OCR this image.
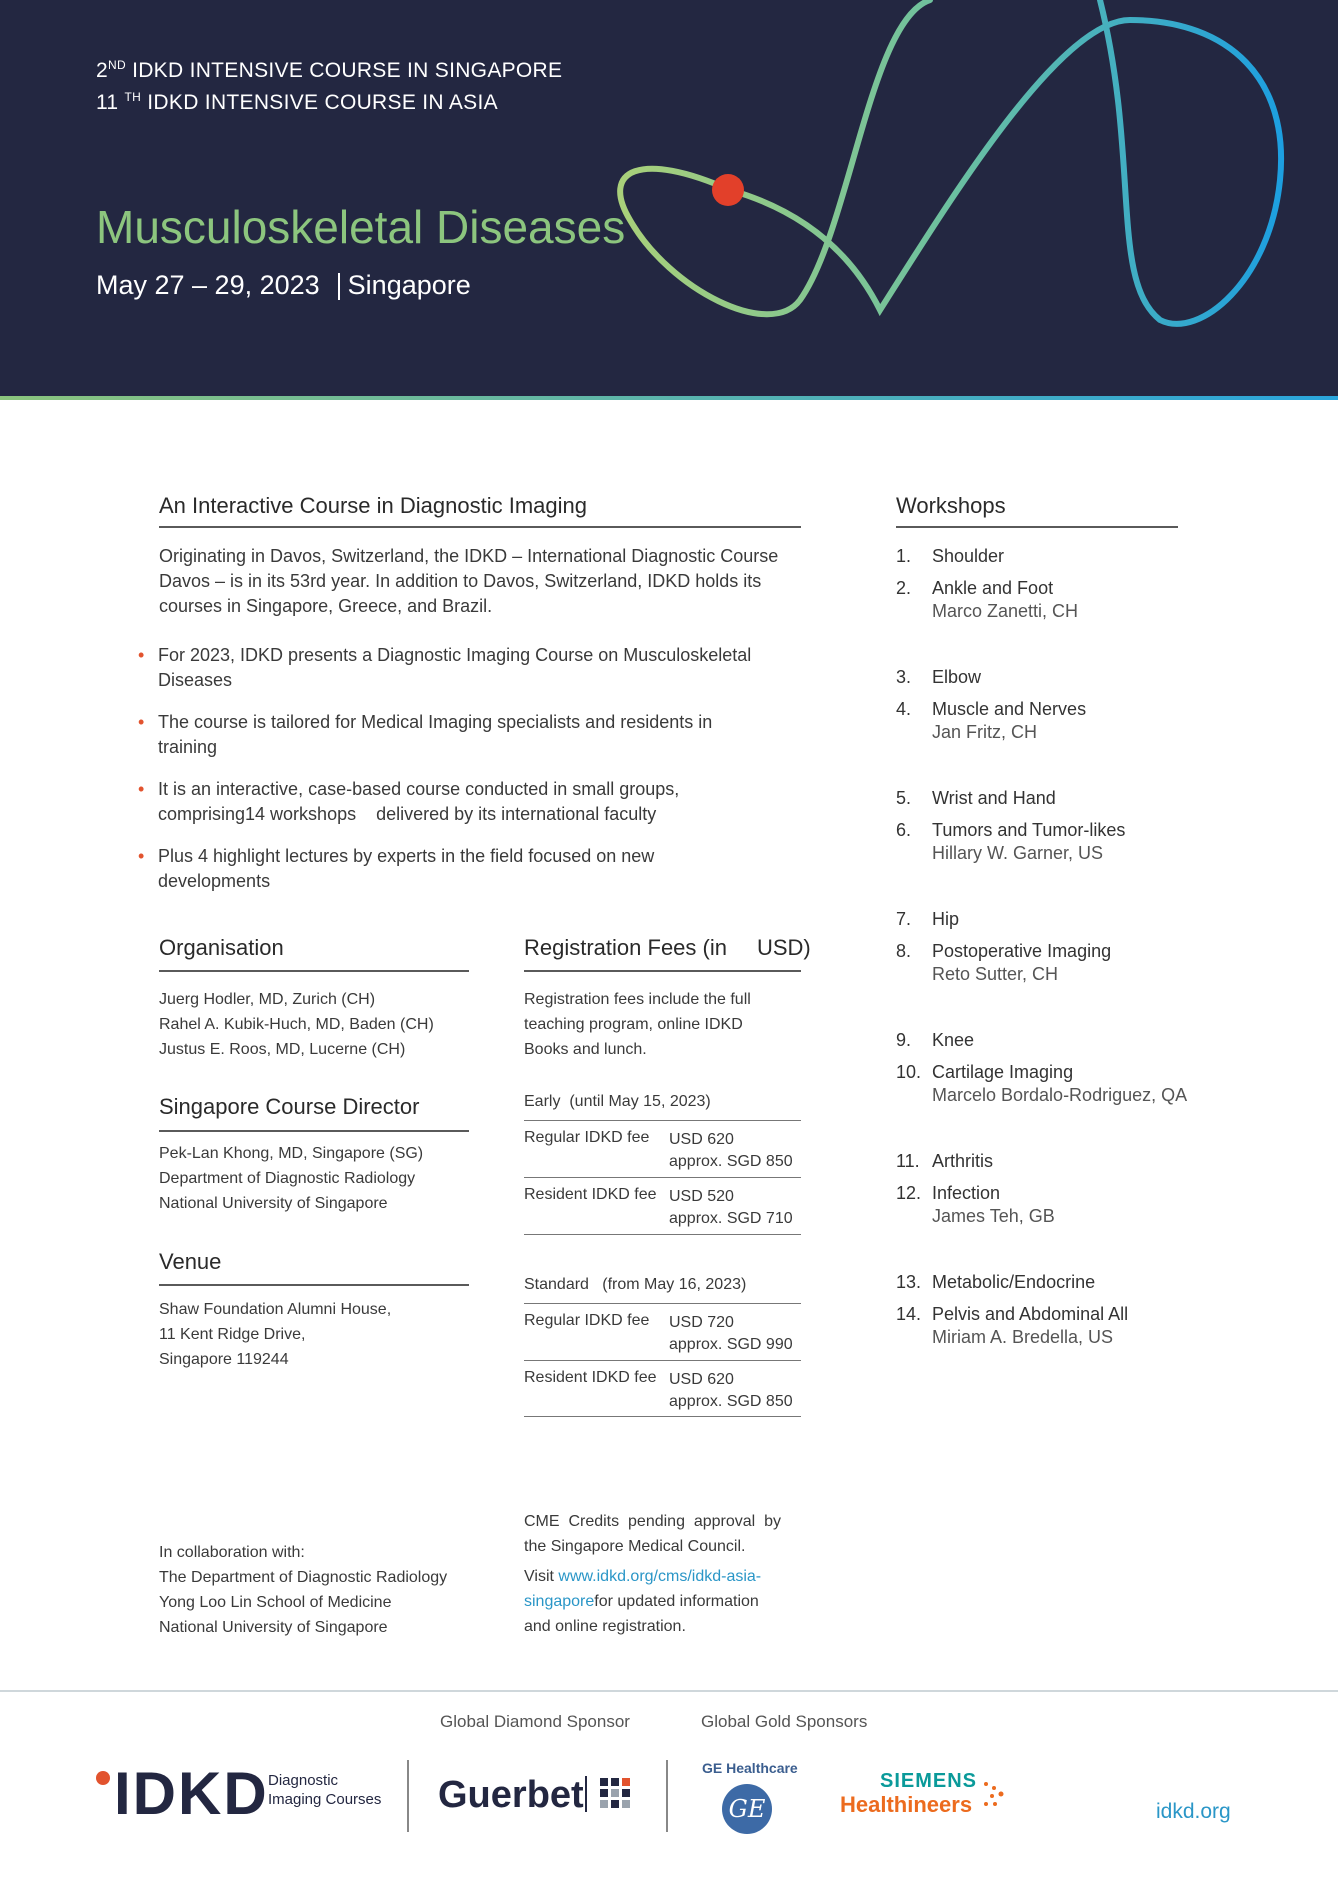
2ND IDKD INTENSIVE COURSE IN SINGAPORE
11 $^{TH}$ IDKD INTENSIVE COURSE IN ASIA
Musculoskeletal Diseases
May 27 – 29, 2023 Singapore
An Interactive Course in Diagnostic Imaging
Originating in Davos, Switzerland, the IDKD – International Diagnostic Course
Davos – is in its 53rd year. In addition to Davos, Switzerland, IDKD holds its
courses in Singapore, Greece, and Brazil.
• For 2023, IDKD presents a Diagnostic Imaging Course on Musculoskeletal
Diseases
• The course is tailored for Medical Imaging specialists and residents in
training
• It is an interactive, case-based course conducted in small groups,
comprising14 workshops    delivered by its international faculty
• Plus 4 highlight lectures by experts in the field focused on new
developments
Organisation
Juerg Hodler, MD, Zurich (CH)
Rahel A. Kubik-Huch, MD, Baden (CH)
Justus E. Roos, MD, Lucerne (CH)
Singapore Course Director
Pek-Lan Khong, MD, Singapore (SG)
Department of Diagnostic Radiology
National University of Singapore
Venue
Shaw Foundation Alumni House,
11 Kent Ridge Drive,
Singapore 119244
In collaboration with:
The Department of Diagnostic Radiology
Yong Loo Lin School of Medicine
National University of Singapore
Registration Fees (in USD)
Registration fees include the full
teaching program, online IDKD
Books and lunch.
Early  (until May 15, 2023)
Regular IDKD fee USD 620
approx. SGD 850
Resident IDKD fee USD 520
approx. SGD 710
Standard   (from May 16, 2023)
Regular IDKD fee USD 720
approx. SGD 990
Resident IDKD fee USD 620
approx. SGD 850

CME  Credits  pending  approval  by
the Singapore Medical Council.

Visit www.idkd.org/cms/idkd-asia-
singaporefor updated information
and online registration.
Workshops
1.	Shoulder
2.	Ankle and Foot
Marco Zanetti, CH
3.	Elbow
4.	Muscle and Nerves
Jan Fritz, CH
5.	Wrist and Hand
6.	Tumors and Tumor-likes
Hillary W. Garner, US
7.	Hip
8.	Postoperative Imaging
Reto Sutter, CH
9.	Knee
10. Cartilage Imaging
Marcelo Bordalo-Rodriguez, QA
11. Arthritis
12. Infection
James Teh, GB
13. Metabolic/Endocrine
14. Pelvis and Abdominal All
Miriam A. Bredella, US
Global Diamond Sponsor	Global Gold Sponsors
IDKD Diagnostic
Imaging Courses Guerbet
GE Healthcare
GE
SIEMENS
Healthineers	idkd.org
